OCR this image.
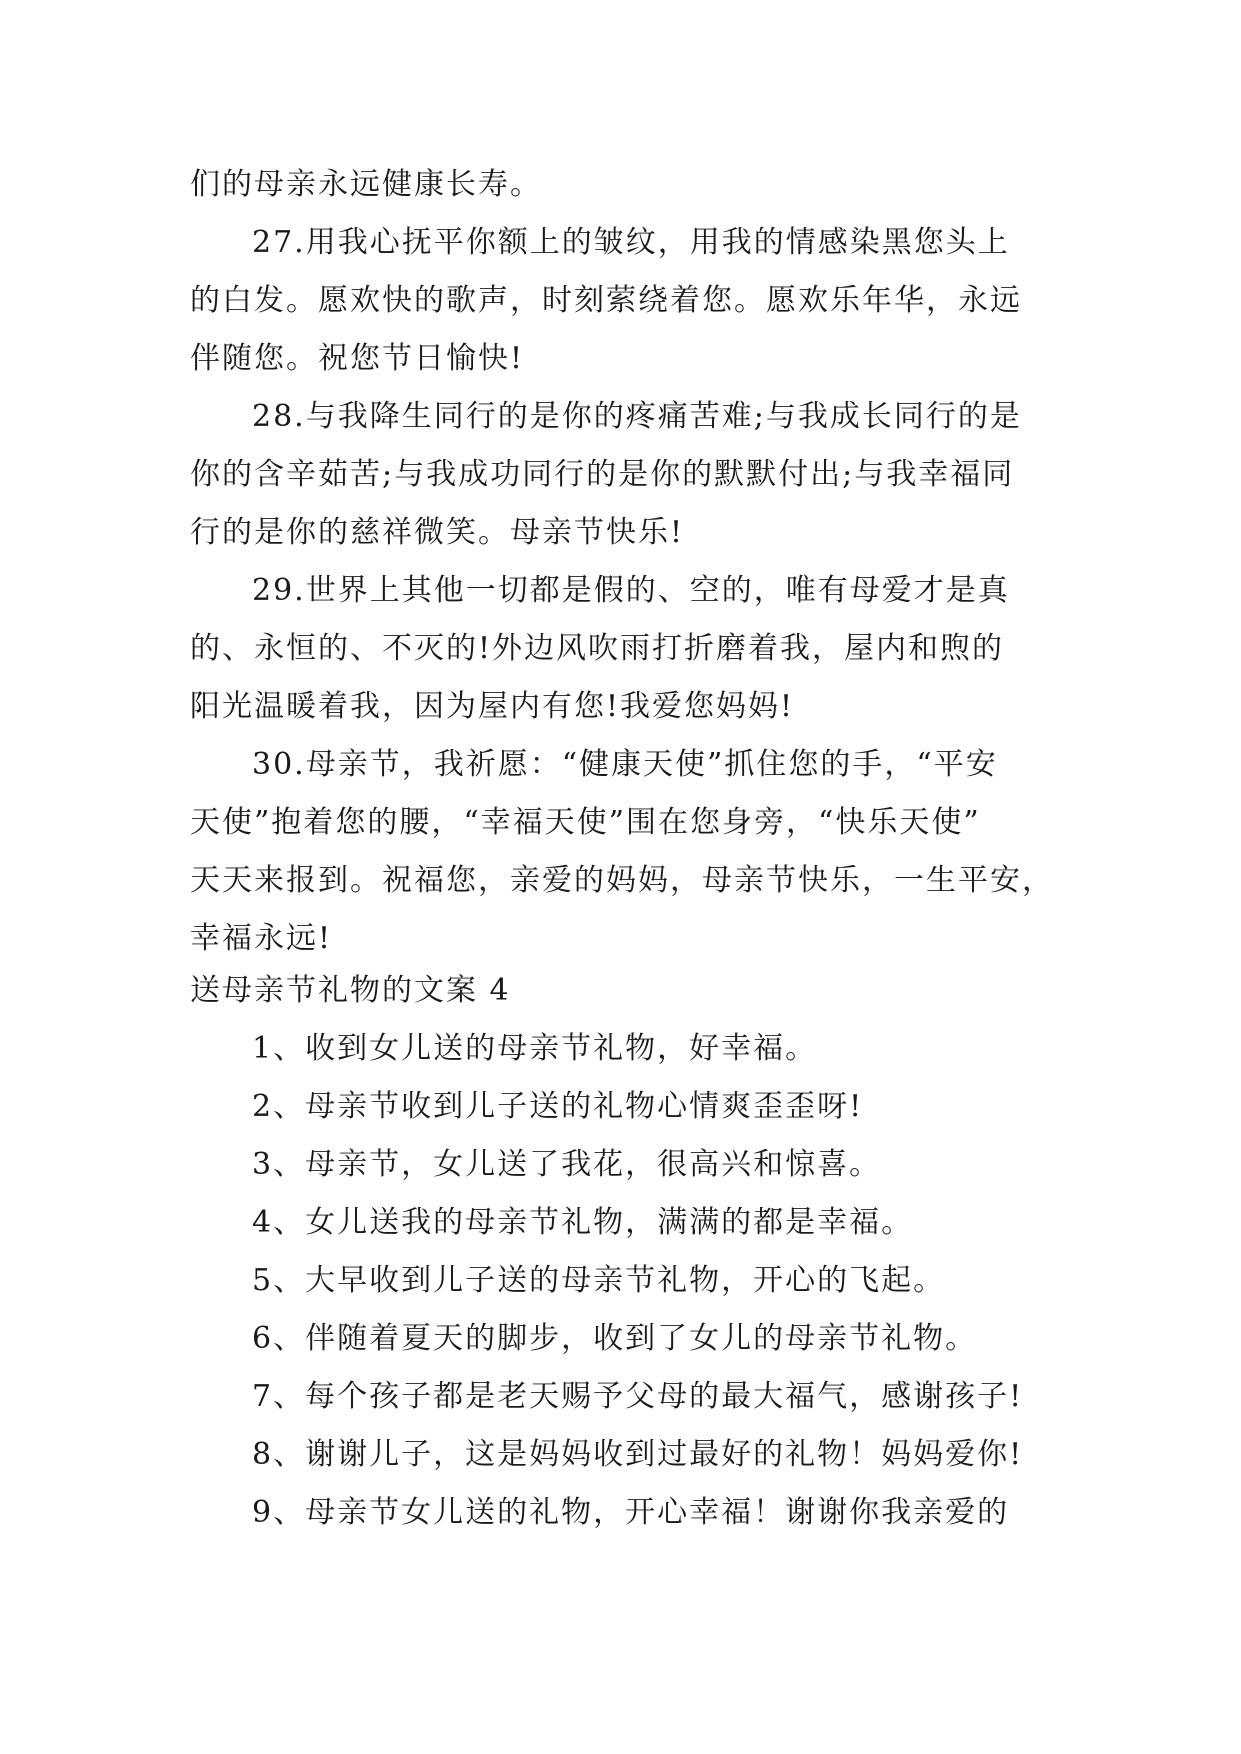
们的母亲永远健康长寿。
27.用我心抚平你额上的皱纹，用我的情感染黑您头上
的白发。愿欢快的歌声，时刻萦绕着您。愿欢乐年华，永远
伴随您。祝您节日愉快!
28.与我降生同行的是你的疼痛苦难;与我成长同行的是
你的含辛茹苦;与我成功同行的是你的默默付出;与我幸福同
行的是你的慈祥微笑。母亲节快乐!
29.世界上其他一切都是假的、空的，唯有母爱才是真
的、永恒的、不灭的!外边风吹雨打折磨着我，屋内和煦的
阳光温暖着我，因为屋内有您!我爱您妈妈!
30.母亲节，我祈愿：“健康天使”抓住您的手，“平安
天使”抱着您的腰，“幸福天使”围在您身旁，“快乐天使”
天天来报到。祝福您，亲爱的妈妈，母亲节快乐，一生平安，
幸福永远!
送母亲节礼物的文案 4
1、收到女儿送的母亲节礼物，好幸福。
2、母亲节收到儿子送的礼物心情爽歪歪呀!
3、母亲节，女儿送了我花，很高兴和惊喜。
4、女儿送我的母亲节礼物，满满的都是幸福。
5、大早收到儿子送的母亲节礼物，开心的飞起。
6、伴随着夏天的脚步，收到了女儿的母亲节礼物。
7、每个孩子都是老天赐予父母的最大福气，感谢孩子!
8、谢谢儿子，这是妈妈收到过最好的礼物！妈妈爱你!
9、母亲节女儿送的礼物，开心幸福！谢谢你我亲爱的
